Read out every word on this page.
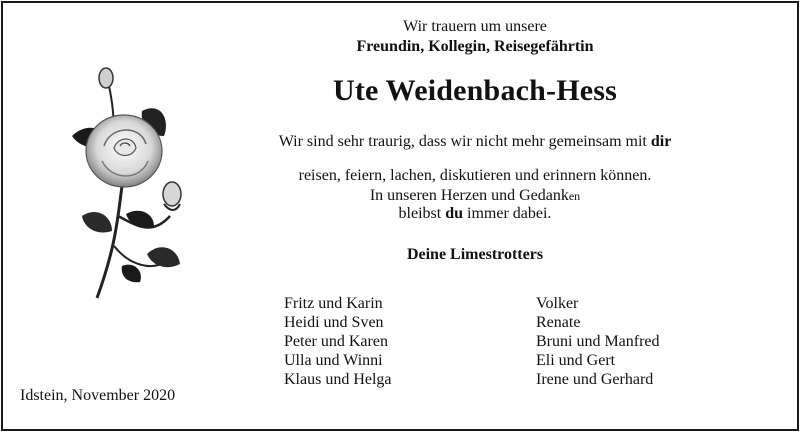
Wir trauern um unsere
Freundin, Kollegin, Reisegefährtin
Ute Weidenbach-Hess
Wir sind sehr traurig, dass wir nicht mehr gemeinsam mit dir
reisen, feiern, lachen, diskutieren und erinnern können.
In unseren Herzen und Gedanken
bleibst du immer dabei.
Deine Limestrotters
Fritz und Karin
Heidi und Sven
Peter und Karen
Ulla und Winni
Klaus und Helga
Volker
Renate
Bruni und Manfred
Eli und Gert
Irene und Gerhard
Idstein, November 2020
